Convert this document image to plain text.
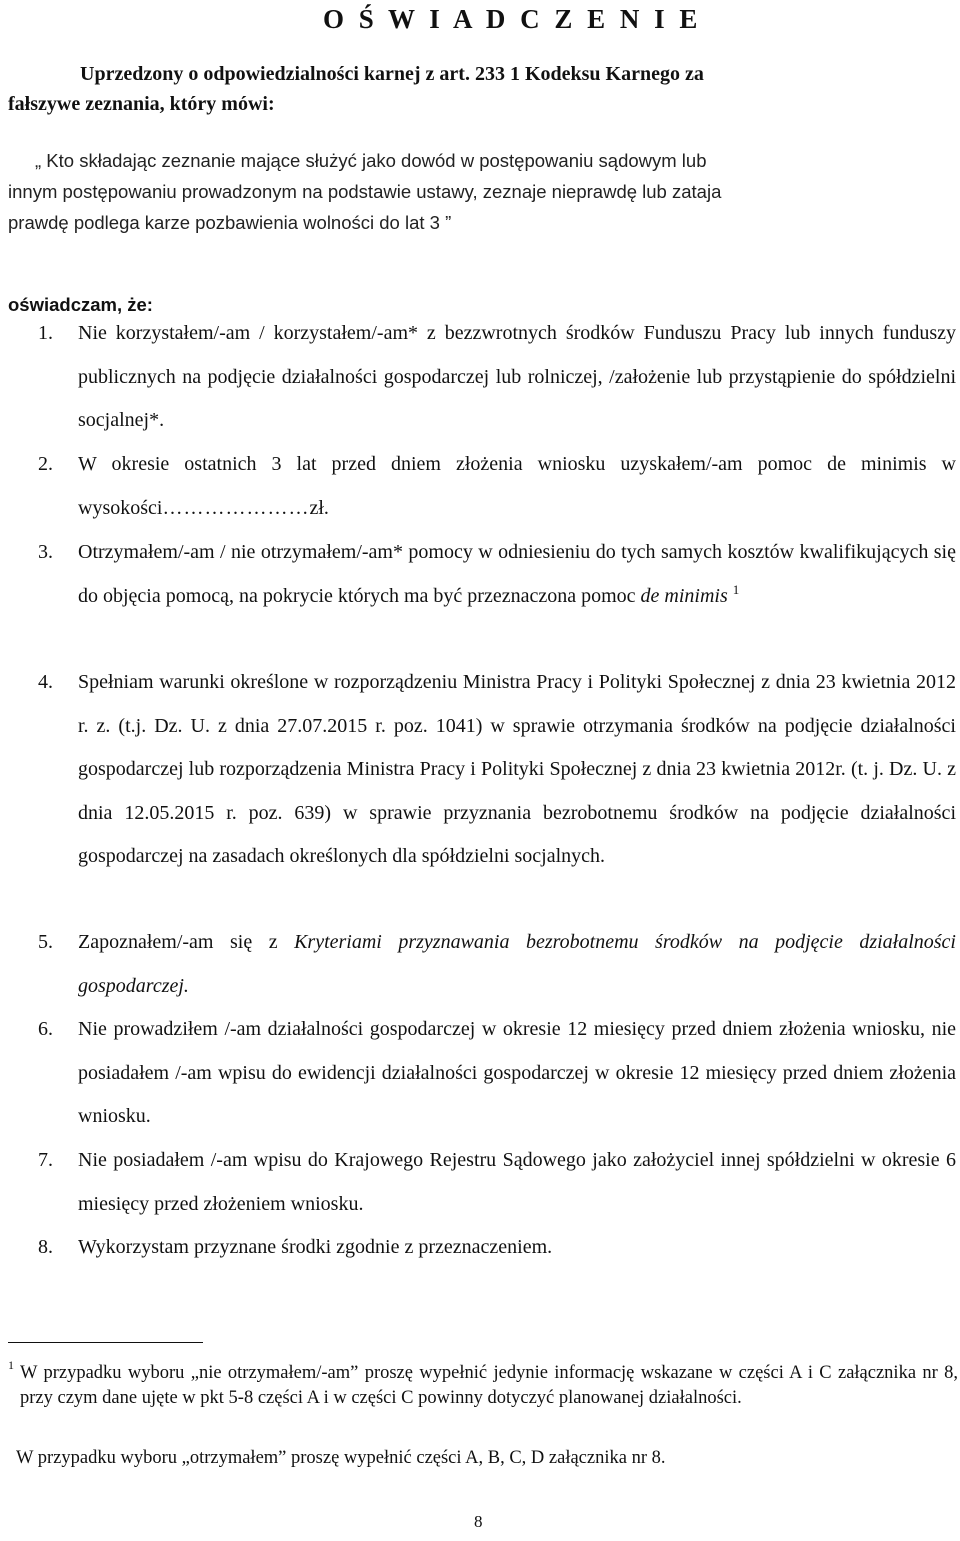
O Ś W I A D C Z E N I E

Uprzedzony o odpowiedzialności karnej z art. 233 1 Kodeksu Karnego za
fałszywe zeznania, który mówi:

„ Kto składając zeznanie mające służyć jako dowód w postępowaniu sądowym lub
innym postępowaniu prowadzonym na podstawie ustawy, zeznaje nieprawdę lub zataja
prawdę podlega karze pozbawienia wolności do lat 3 ”

oświadczam, że:

1.	Nie korzystałem/-am / korzystałem/-am* z bezzwrotnych środków Funduszu Pracy lub innych funduszy publicznych na podjęcie działalności gospodarczej lub rolniczej, /założenie lub przystąpienie do spółdzielni socjalnej*.

2.	W okresie ostatnich 3 lat przed dniem złożenia wniosku uzyskałem/-am pomoc de minimis w wysokości…………………zł.

3.	Otrzymałem/-am / nie otrzymałem/-am* pomocy w odniesieniu do tych samych kosztów kwalifikujących się do objęcia pomocą, na pokrycie których ma być przeznaczona pomoc de minimis $^1$

4.	Spełniam warunki określone w rozporządzeniu Ministra Pracy i Polityki Społecznej z dnia 23 kwietnia 2012 r. z. (t.j. Dz. U. z dnia 27.07.2015 r. poz. 1041) w sprawie otrzymania środków na podjęcie działalności gospodarczej lub rozporządzenia Ministra Pracy i Polityki Społecznej z dnia 23 kwietnia 2012r. (t. j. Dz. U. z dnia 12.05.2015 r. poz. 639) w sprawie przyznania bezrobotnemu środków na podjęcie działalności gospodarczej na zasadach określonych dla spółdzielni socjalnych.

5.	Zapoznałem/-am się z Kryteriami przyznawania bezrobotnemu środków na podjęcie działalności gospodarczej.

6.	Nie prowadziłem /-am działalności gospodarczej w okresie 12 miesięcy przed dniem złożenia wniosku, nie posiadałem /-am wpisu do ewidencji działalności gospodarczej w okresie 12 miesięcy przed dniem złożenia wniosku.

7.	Nie posiadałem /-am wpisu do Krajowego Rejestru Sądowego jako założyciel innej spółdzielni w okresie 6 miesięcy przed złożeniem wniosku.

8.	Wykorzystam przyznane środki zgodnie z przeznaczeniem.

1 W przypadku wyboru „nie otrzymałem/-am” proszę wypełnić jedynie informację wskazane w części A i C załącznika nr 8, przy czym dane ujęte w pkt 5-8 części A i w części C powinny dotyczyć planowanej działalności.

W przypadku wyboru „otrzymałem” proszę wypełnić części A, B, C, D załącznika nr 8.

8
